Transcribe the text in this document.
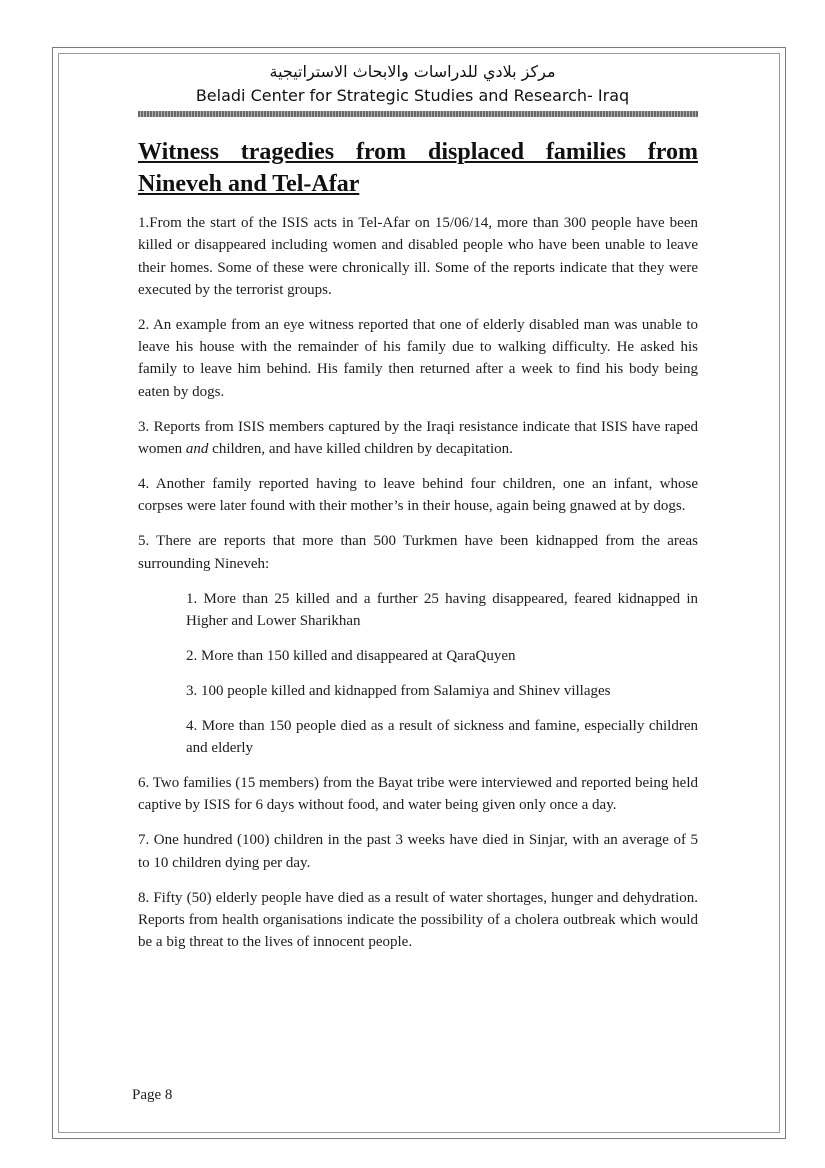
مركز بلادي للدراسات والابحاث الاستراتيجية
Beladi Center for Strategic Studies and Research- Iraq
Witness tragedies from displaced families from Nineveh and Tel-Afar

1.From the start of the ISIS acts in Tel-Afar on 15/06/14, more than 300 people have been killed or disappeared including women and disabled people who have been unable to leave their homes. Some of these were chronically ill. Some of the reports indicate that they were executed by the terrorist groups.

2. An example from an eye witness reported that one of elderly disabled man was unable to leave his house with the remainder of his family due to walking difficulty. He asked his family to leave him behind. His family then returned after a week to find his body being eaten by dogs.

3. Reports from ISIS members captured by the Iraqi resistance indicate that ISIS have raped women and children, and have killed children by decapitation.

4. Another family reported having to leave behind four children, one an infant, whose corpses were later found with their mother’s in their house, again being gnawed at by dogs.

5. There are reports that more than 500 Turkmen have been kidnapped from the areas surrounding Nineveh:

1. More than 25 killed and a further 25 having disappeared, feared kidnapped in Higher and Lower Sharikhan

2. More than 150 killed and disappeared at QaraQuyen

3. 100 people killed and kidnapped from Salamiya and Shinev villages

4. More than 150 people died as a result of sickness and famine, especially children and elderly

6. Two families (15 members) from the Bayat tribe were interviewed and reported being held captive by ISIS for 6 days without food, and water being given only once a day.

7. One hundred (100) children in the past 3 weeks have died in Sinjar, with an average of 5 to 10 children dying per day.

8. Fifty (50) elderly people have died as a result of water shortages, hunger and dehydration. Reports from health organisations indicate the possibility of a cholera outbreak which would be a big threat to the lives of innocent people.

Page 8
